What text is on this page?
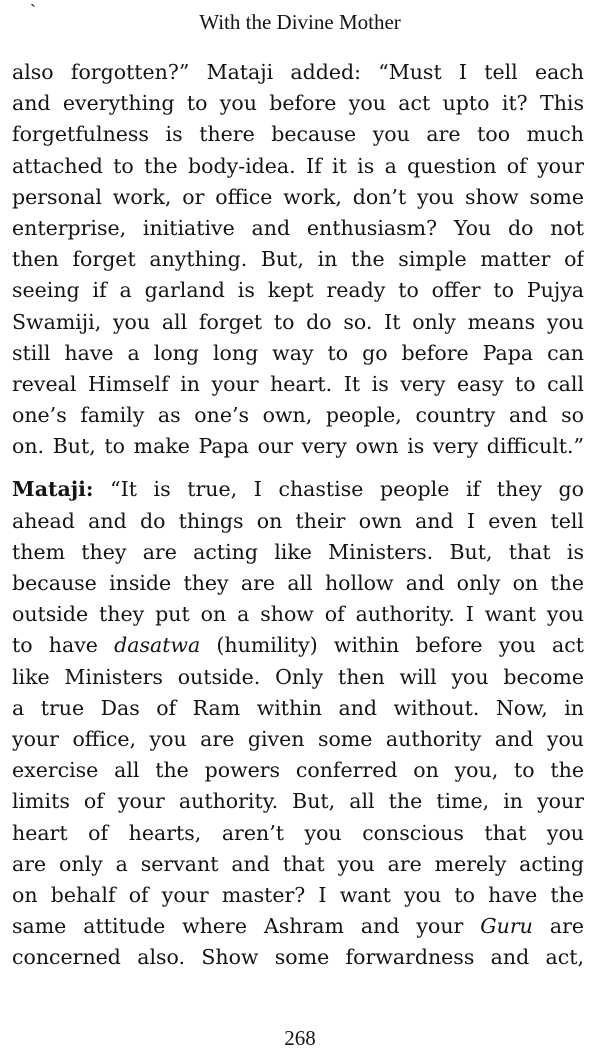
`	With the Divine Mother
also forgotten?” Mataji added: “Must I tell each
and everything to you before you act upto it? This
forgetfulness is there because you are too much
attached to the body-idea. If it is a question of your
personal work, or office work, don’t you show some
enterprise, initiative and enthusiasm? You do not
then forget anything. But, in the simple matter of
seeing if a garland is kept ready to offer to Pujya
Swamiji, you all forget to do so. It only means you
still have a long long way to go before Papa can
reveal Himself in your heart. It is very easy to call
one’s family as one’s own, people, country and so
on. But, to make Papa our very own is very difficult.”
Mataji: “It is true, I chastise people if they go
ahead and do things on their own and I even tell
them they are acting like Ministers. But, that is
because inside they are all hollow and only on the
outside they put on a show of authority. I want you
to have dasatwa (humility) within before you act
like Ministers outside. Only then will you become
a true Das of Ram within and without. Now, in
your office, you are given some authority and you
exercise all the powers conferred on you, to the
limits of your authority. But, all the time, in your
heart of hearts, aren’t you conscious that you
are only a servant and that you are merely acting
on behalf of your master? I want you to have the
same attitude where Ashram and your Guru are
concerned also. Show some forwardness and act,
268
